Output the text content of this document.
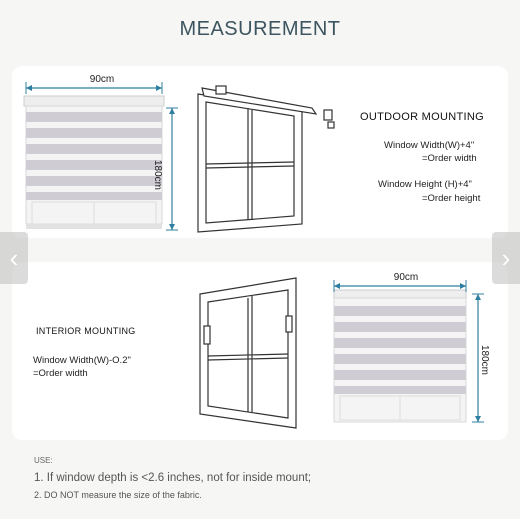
MEASUREMENT
90cm
180cm
OUTDOOR MOUNTING
Window Width(W)+4"
=Order width
Window Height (H)+4"
=Order height
INTERIOR MOUNTING
Window Width(W)-O.2"
=Order width
90cm
180cm
‹	›
USE:
1. If window depth is <2.6 inches, not for inside mount;
2. DO NOT measure the size of the fabric.
